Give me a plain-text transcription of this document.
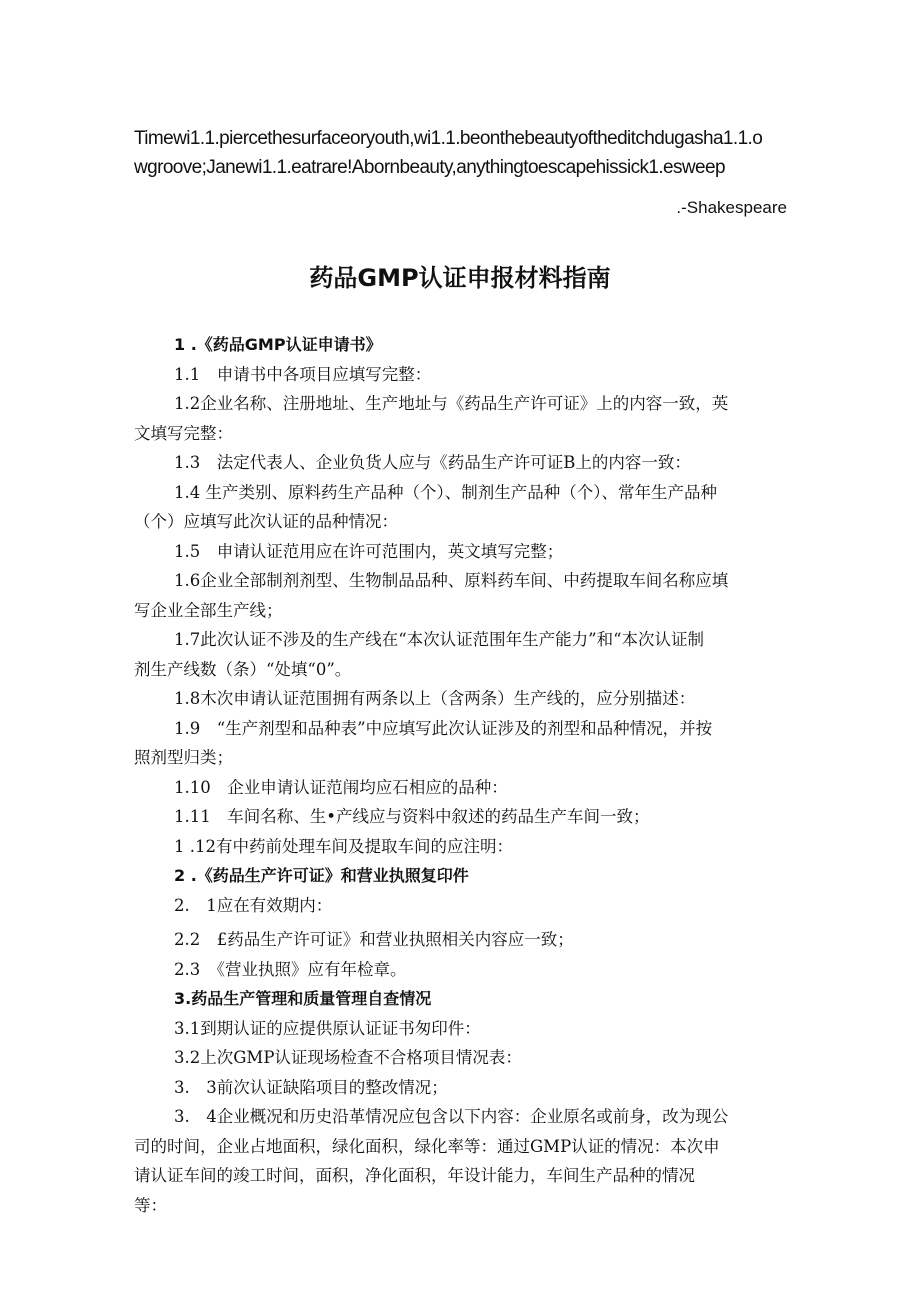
Timewi1.1.piercethesurfaceoryouth,wi1.1.beonthebeautyoftheditchdugasha1.1.o
wgroove;Janewi1.1.eatrare!Abornbeauty,anythingtoescapehissick1.esweep
.-Shakespeare
药品GMP认证申报材料指南
1 .《药品GMP认证申请书》
1.1　申请书中各项目应填写完整：
1.2企业名称、注册地址、生产地址与《药品生产许可证》上的内容一致，英
文填写完整：
1.3　法定代表人、企业负货人应与《药品生产许可证B上的内容一致：
1.4 生产类别、原料药生产品种（个）、制剂生产品种（个）、常年生产品种
（个）应填写此次认证的品种情况：
1.5　申请认证范用应在许可范围内，英文填写完整；
1.6企业全部制剂剂型、生物制品品种、原料药车间、中药提取车间名称应填
写企业全部生产线；
1.7此次认证不涉及的生产线在“本次认证范围年生产能力”和“本次认证制
剂生产线数（条）“处填“0”。
1.8木次申请认证范围拥有两条以上（含两条）生产线的，应分别描述：
1.9　“生产剂型和品种表”中应填写此次认证涉及的剂型和品种情况，并按
照剂型归类；
1.10　企业申请认证范闱均应石相应的品种：
1.11　车间名称、生•产线应与资料中叙述的药品生产车间一致；
1 .12有中药前处理车间及提取车间的应注明：
2 .《药品生产许可证》和营业执照复印件
2.　1应在有效期内：
2.2　£药品生产许可证》和营业执照相关内容应一致；
2.3　《营业执照》应有年检章。
3.药品生产管理和质量管理自查情况
3.1到期认证的应提供原认证证书匆印件：
3.2上次GMP认证现场检查不合格项目情况表：
3.　3前次认证缺陷项目的整改情况；
3.　4企业概况和历史沿革情况应包含以下内容：企业原名或前身，改为现公
司的时间，企业占地面积，绿化面积，绿化率等：通过GMP认证的情况：本次申
请认证车间的竣工时间，面积，净化面积，年设计能力，车间生产品种的情况
等：
